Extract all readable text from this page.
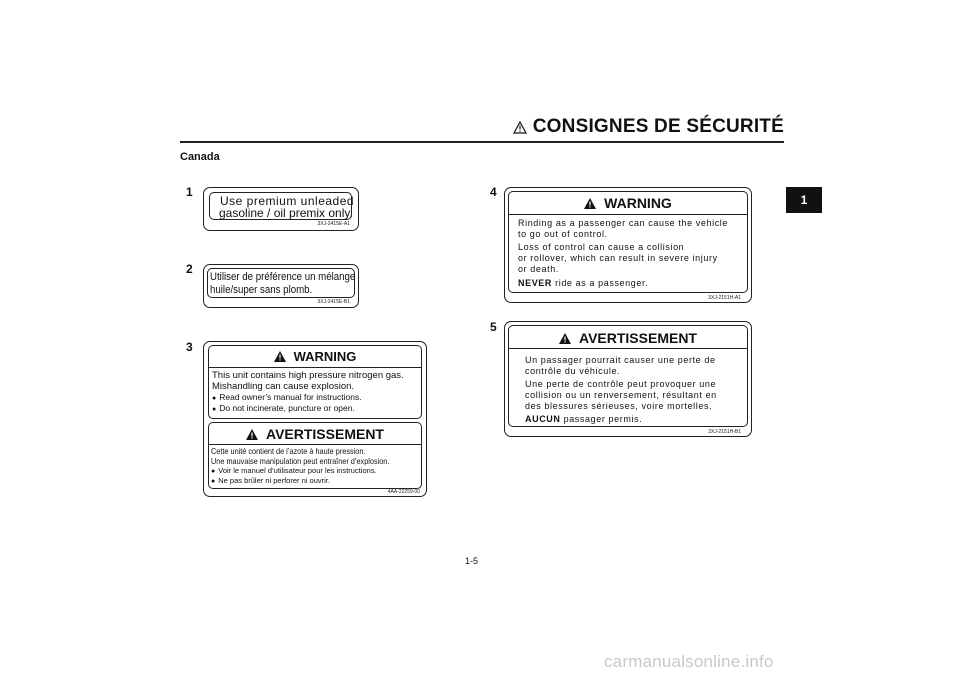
CONSIGNES DE SÉCURITÉ
Canada
1
1
Use premium unleaded
gasoline / oil premix only.
3XJ-2415E-A1
2
Utiliser de préférence un mélange
huile/super sans plomb.
3XJ-2415E-B1
3
WARNING
This unit contains high pressure nitrogen gas.
Mishandling can cause explosion.
● Read owner’s manual for instructions.
● Do not incinerate, puncture or open.
AVERTISSEMENT
Cette unité contient de l’azote à haute pression.
Une mauvaise manipulation peut entraîner d’explosion.
● Voir le manuel d’utilisateur pour les instructions.
● Ne pas brûler ni perforer ni ouvrir.
4AA-22259-00
4
WARNING
Rinding as a passenger can cause the vehicle
to go out of control.
Loss of control can cause a collision
or rollover, which can result in severe injury
or death.
NEVER ride as a passenger.
3XJ-2151H-A1
5
AVERTISSEMENT
Un passager pourrait causer une perte de
contrôle du véhicule.
Une perte de contrôle peut provoquer une
collision ou un renversement, résultant en
des blessures sérieuses, voire mortelles.
AUCUN passager permis.
3XJ-2151H-B1
1-5
carmanualsonline.info
